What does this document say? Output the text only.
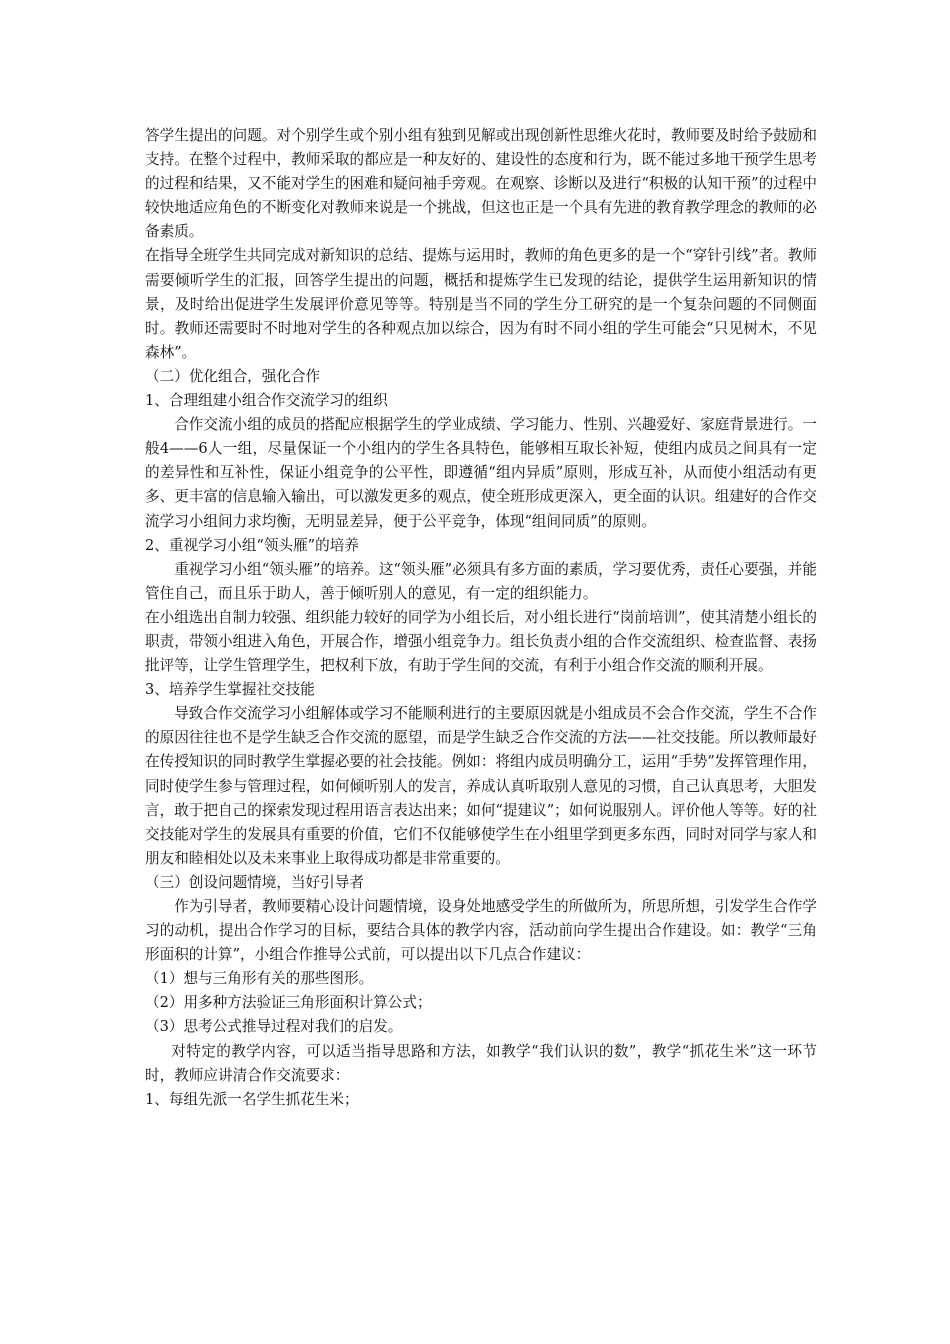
答学生提出的问题。对个别学生或个别小组有独到见解或出现创新性思维火花时，教师要及时给予鼓励和支持。在整个过程中，教师采取的都应是一种友好的、建设性的态度和行为，既不能过多地干预学生思考的过程和结果，又不能对学生的困难和疑问袖手旁观。在观察、诊断以及进行“积极的认知干预”的过程中较快地适应角色的不断变化对教师来说是一个挑战，但这也正是一个具有先进的教育教学理念的教师的必备素质。

在指导全班学生共同完成对新知识的总结、提炼与运用时，教师的角色更多的是一个“穿针引线”者。教师需要倾听学生的汇报，回答学生提出的问题，概括和提炼学生已发现的结论，提供学生运用新知识的情景，及时给出促进学生发展评价意见等等。特别是当不同的学生分工研究的是一个复杂问题的不同侧面时。教师还需要时不时地对学生的各种观点加以综合，因为有时不同小组的学生可能会“只见树木，不见森林”。

（二）优化组合，强化合作

1、合理组建小组合作交流学习的组织

合作交流小组的成员的搭配应根据学生的学业成绩、学习能力、性别、兴趣爱好、家庭背景进行。一般4——6人一组，尽量保证一个小组内的学生各具特色，能够相互取长补短，使组内成员之间具有一定的差异性和互补性，保证小组竞争的公平性，即遵循“组内异质”原则，形成互补，从而使小组活动有更多、更丰富的信息输入输出，可以激发更多的观点，使全班形成更深入，更全面的认识。组建好的合作交流学习小组间力求均衡，无明显差异，便于公平竞争，体现“组间同质”的原则。

2、重视学习小组“领头雁”的培养

重视学习小组“领头雁”的培养。这“领头雁”必须具有多方面的素质，学习要优秀，责任心要强，并能管住自己，而且乐于助人，善于倾听别人的意见，有一定的组织能力。

在小组选出自制力较强、组织能力较好的同学为小组长后，对小组长进行“岗前培训”，使其清楚小组长的职责，带领小组进入角色，开展合作，增强小组竞争力。组长负责小组的合作交流组织、检查监督、表扬批评等，让学生管理学生，把权利下放，有助于学生间的交流，有利于小组合作交流的顺利开展。

3、培养学生掌握社交技能

导致合作交流学习小组解体或学习不能顺利进行的主要原因就是小组成员不会合作交流，学生不合作的原因往往也不是学生缺乏合作交流的愿望，而是学生缺乏合作交流的方法——社交技能。所以教师最好在传授知识的同时教学生掌握必要的社会技能。例如：将组内成员明确分工，运用“手势”发挥管理作用，同时使学生参与管理过程，如何倾听别人的发言，养成认真听取别人意见的习惯，自己认真思考，大胆发言，敢于把自己的探索发现过程用语言表达出来；如何“提建议”；如何说服别人。评价他人等等。好的社交技能对学生的发展具有重要的价值，它们不仅能够使学生在小组里学到更多东西，同时对同学与家人和朋友和睦相处以及未来事业上取得成功都是非常重要的。

（三）创设问题情境，当好引导者

作为引导者，教师要精心设计问题情境，设身处地感受学生的所做所为，所思所想，引发学生合作学习的动机，提出合作学习的目标，要结合具体的教学内容，活动前向学生提出合作建设。如：教学“三角形面积的计算”，小组合作推导公式前，可以提出以下几点合作建议：

（1）想与三角形有关的那些图形。

（2）用多种方法验证三角形面积计算公式；

（3）思考公式推导过程对我们的启发。

对特定的教学内容，可以适当指导思路和方法，如教学“我们认识的数”，教学“抓花生米”这一环节时，教师应讲清合作交流要求：

1、每组先派一名学生抓花生米；
